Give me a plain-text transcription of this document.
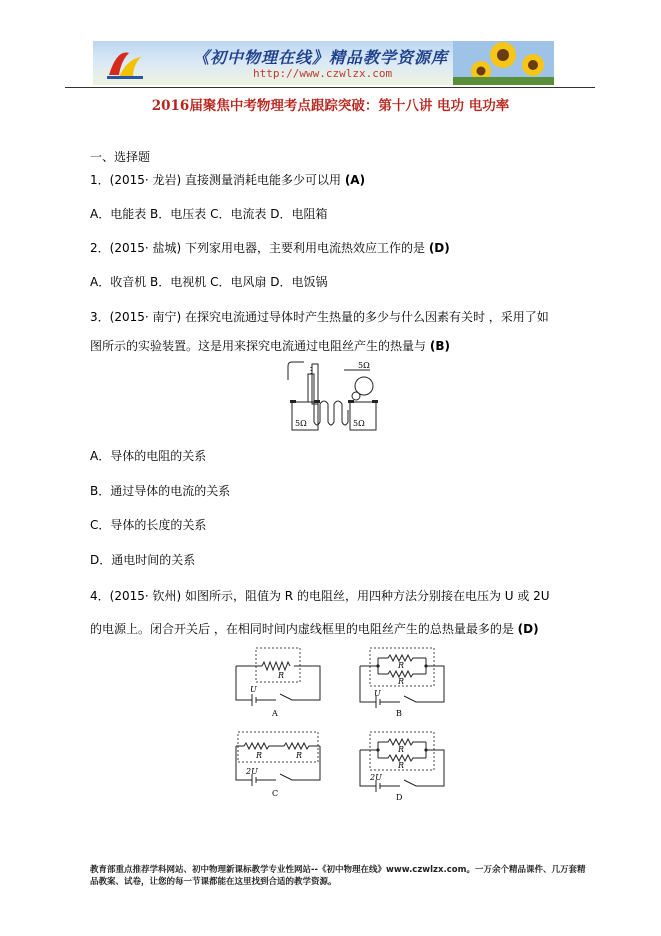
《初中物理在线》精品教学资源库
http://www.czwlzx.com
2016届聚焦中考物理考点跟踪突破：第十八讲 电功 电功率
一、选择题
1．(2015· 龙岩) 直接测量消耗电能多少可以用 (A)
A．电能表 B．电压表 C．电流表 D．电阻箱
2．(2015· 盐城) 下列家用电器，主要利用电流热效应工作的是 (D)
A．收音机 B．电视机 C．电风扇 D．电饭锅
3．(2015· 南宁) 在探究电流通过导体时产生热量的多少与什么因素有关时 ，采用了如
图所示的实验装置。这是用来探究电流通过电阻丝产生的热量与 (B)
5Ω
5Ω	5Ω
A．导体的电阻的关系
B．通过导体的电流的关系
C．导体的长度的关系
D．通电时间的关系
4．(2015· 钦州) 如图所示，阻值为 R 的电阻丝，用四种方法分别接在电压为 U 或 2U
的电源上。闭合开关后 ，在相同时间内虚线框里的电阻丝产生的总热量最多的是 (D)
R
U
A
R
R
U
B
R	R
2U
C
R
R
2U
D
教育部重点推荐学科网站、初中物理新课标教学专业性网站--《初中物理在线》www.czwlzx.com。一万余个精品课件、几万套精品教案、试卷，让您的每一节课都能在这里找到合适的教学资源。
